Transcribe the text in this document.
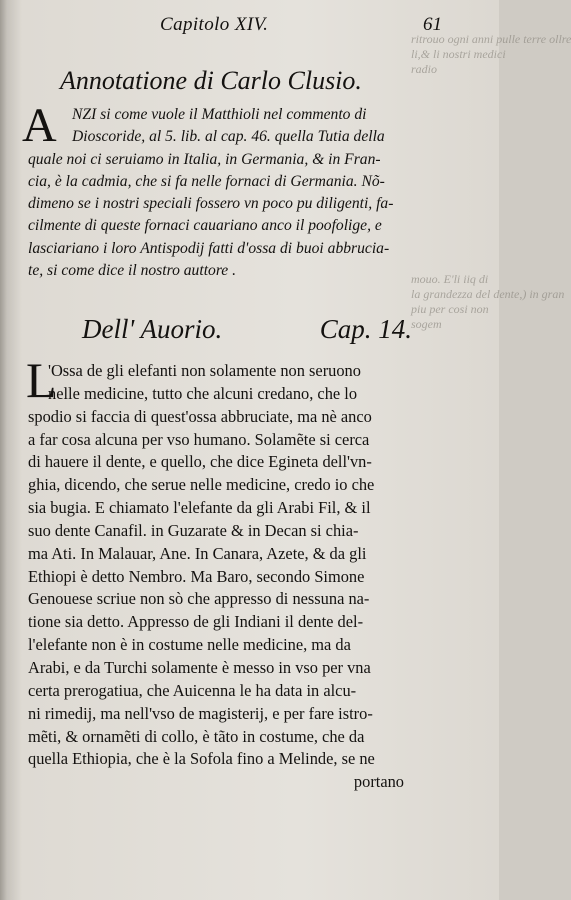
ritrouo ogni anni pulle terre ollre
li,& li nostri medici
radio
mouo. E'li iiq di
la grandezza del dente,) in gran
piu per cosi non
sogem
Capitolo XIV.	61
Annotatione di Carlo Clusio.
A NZI si come vuole il Matthioli nel commento di
Dioscoride, al 5. lib. al cap. 46. quella Tutia della
quale noi ci seruiamo in Italia, in Germania, & in Fran-
cia, è la cadmia, che si fa nelle fornaci di Germania. Nõ-
dimeno se i nostri speciali fossero vn poco pu diligenti, fa-
cilmente di queste fornaci cauariano anco il poofolige, e
lasciariano i loro Antispodij fatti d'ossa di buoi abbrucia-
te, si come dice il nostro auttore .
Dell' Auorio.	Cap. 14.
L
'Ossa de gli elefanti non solamente non seruono
nelle medicine, tutto che alcuni credano, che lo
spodio si faccia di quest'ossa abbruciate, ma nè anco
a far cosa alcuna per vso humano. Solamẽte si cerca
di hauere il dente, e quello, che dice Egineta dell'vn-
ghia, dicendo, che serue nelle medicine, credo io che
sia bugia. E chiamato l'elefante da gli Arabi Fil, & il
suo dente Canafil. in Guzarate & in Decan si chia-
ma Ati. In Malauar, Ane. In Canara, Azete, & da gli
Ethiopi è detto Nembro. Ma Baro, secondo Simone
Genouese scriue non sò che appresso di nessuna na-
tione sia detto. Appresso de gli Indiani il dente del-
l'elefante non è in costume nelle medicine, ma da
Arabi, e da Turchi solamente è messo in vso per vna
certa prerogatiua, che Auicenna le ha data in alcu-
ni rimedij, ma nell'vso de magisterij, e per fare istro-
mẽti, & ornamẽti di collo, è tãto in costume, che da
quella Ethiopia, che è la Sofola fino a Melinde, se ne
portano
